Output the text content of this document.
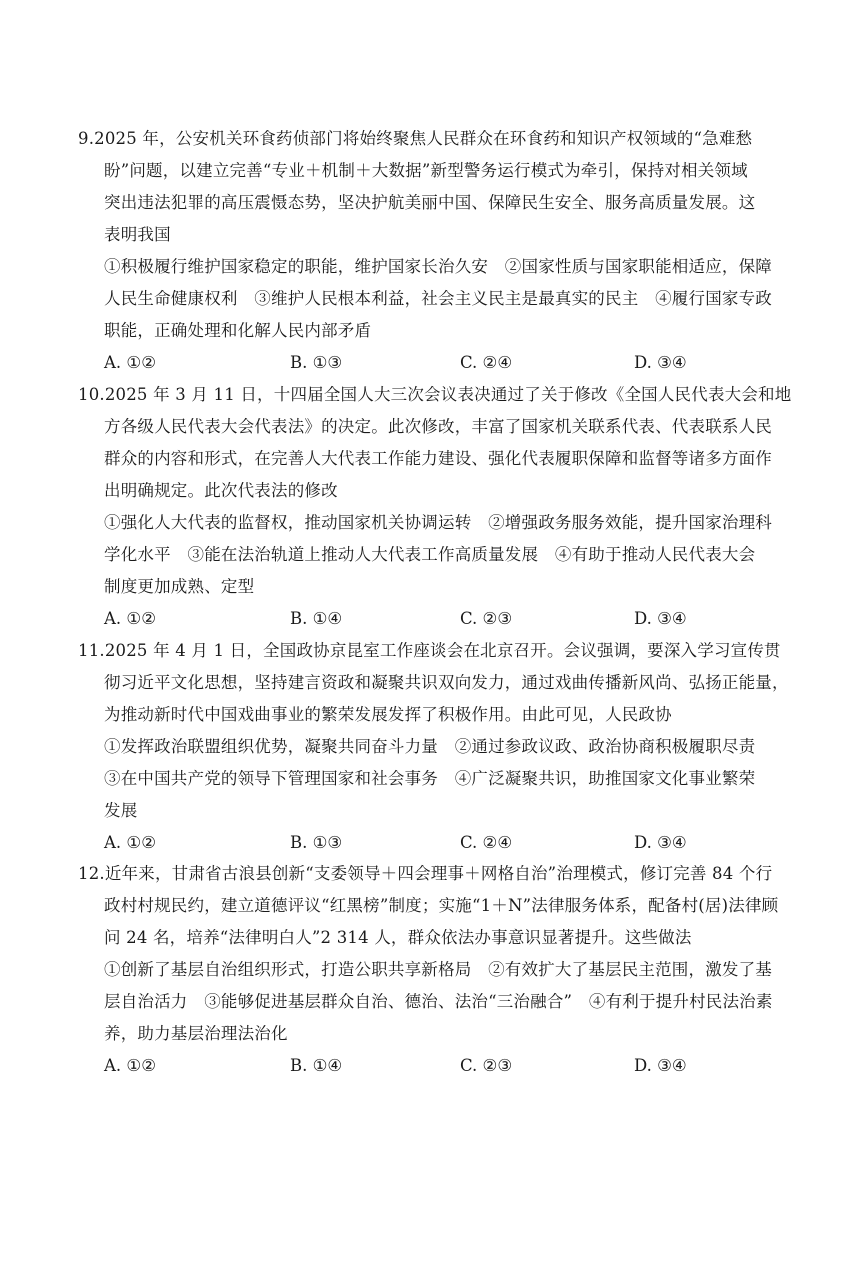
9.2025 年，公安机关环食药侦部门将始终聚焦人民群众在环食药和知识产权领域的“急难愁
盼”问题，以建立完善“专业＋机制＋大数据”新型警务运行模式为牵引，保持对相关领域
突出违法犯罪的高压震慑态势，坚决护航美丽中国、保障民生安全、服务高质量发展。这
表明我国
①积极履行维护国家稳定的职能，维护国家长治久安　②国家性质与国家职能相适应，保障
人民生命健康权利　③维护人民根本利益，社会主义民主是最真实的民主　④履行国家专政
职能，正确处理和化解人民内部矛盾
A. ①②	B. ①③	C. ②④	D. ③④
10.2025 年 3 月 11 日，十四届全国人大三次会议表决通过了关于修改《全国人民代表大会和地
方各级人民代表大会代表法》的决定。此次修改，丰富了国家机关联系代表、代表联系人民
群众的内容和形式，在完善人大代表工作能力建设、强化代表履职保障和监督等诸多方面作
出明确规定。此次代表法的修改
①强化人大代表的监督权，推动国家机关协调运转　②增强政务服务效能，提升国家治理科
学化水平　③能在法治轨道上推动人大代表工作高质量发展　④有助于推动人民代表大会
制度更加成熟、定型
A. ①②	B. ①④	C. ②③	D. ③④
11.2025 年 4 月 1 日，全国政协京昆室工作座谈会在北京召开。会议强调，要深入学习宣传贯
彻习近平文化思想，坚持建言资政和凝聚共识双向发力，通过戏曲传播新风尚、弘扬正能量，
为推动新时代中国戏曲事业的繁荣发展发挥了积极作用。由此可见，人民政协
①发挥政治联盟组织优势，凝聚共同奋斗力量　②通过参政议政、政治协商积极履职尽责
③在中国共产党的领导下管理国家和社会事务　④广泛凝聚共识，助推国家文化事业繁荣
发展
A. ①②	B. ①③	C. ②④	D. ③④
12.近年来，甘肃省古浪县创新“支委领导＋四会理事＋网格自治”治理模式，修订完善 84 个行
政村村规民约，建立道德评议“红黑榜”制度；实施“1＋N”法律服务体系，配备村(居)法律顾
问 24 名，培养“法律明白人”2 314 人，群众依法办事意识显著提升。这些做法
①创新了基层自治组织形式，打造公职共享新格局　②有效扩大了基层民主范围，激发了基
层自治活力　③能够促进基层群众自治、德治、法治“三治融合”　④有利于提升村民法治素
养，助力基层治理法治化
A. ①②	B. ①④	C. ②③	D. ③④
